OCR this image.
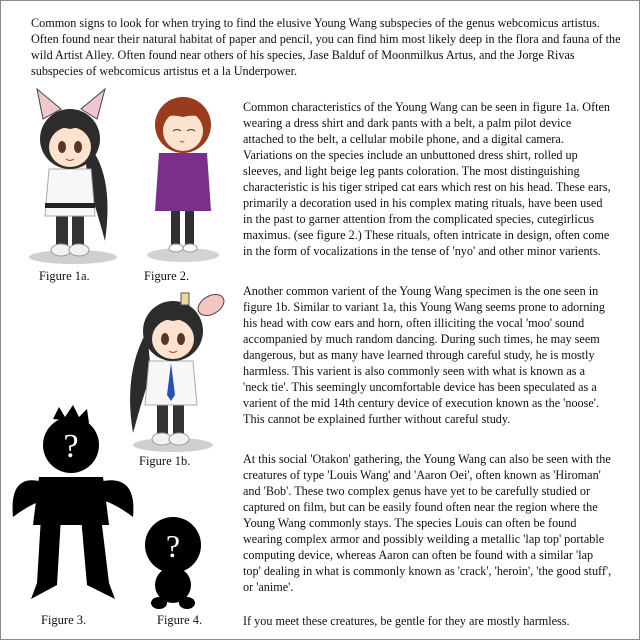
Common signs to look for when trying to find the elusive Young Wang subspecies of the genus webcomicus artistus. Often found near their natural habitat of paper and pencil, you can find him most likely deep in the flora and fauna of the wild Artist Alley. Often found near others of his species, Jase Balduf of Moonmilkus Artus, and the Jorge Rivas subspecies of webcomicus artistus et a la Underpower.

Common characteristics of the Young Wang can be seen in figure 1a. Often wearing a dress shirt and dark pants with a belt, a palm pilot device attached to the belt, a cellular mobile phone, and a digital camera. Variations on the species include an unbuttoned dress shirt, rolled up sleeves, and light beige leg pants coloration. The most distinguishing characteristic is his tiger striped cat ears which rest on his head. These ears, primarily a decoration used in his complex mating rituals, have been used in the past to garner attention from the complicated species, cutegirlicus maximus. (see figure 2.) These rituals, often intricate in design, often come in the form of vocalizations in the tense of 'nyo' and other minor varients.

Another common varient of the Young Wang specimen is the one seen in figure 1b. Similar to variant 1a, this Young Wang seems prone to adorning his head with cow ears and horn, often illiciting the vocal 'moo' sound accompanied by much random dancing. During such times, he may seem dangerous, but as many have learned through careful study, he is mostly harmless. This varient is also commonly seen with what is known as a 'neck tie'. This seemingly uncomfortable device has been speculated as a varient of the mid 14th century device of execution known as the 'noose'. This cannot be explained further without careful study.

At this social 'Otakon' gathering, the Young Wang can also be seen with the creatures of type 'Louis Wang' and 'Aaron Oei', often known as 'Hiroman' and 'Bob'. These two complex genus have yet to be carefully studied or captured on film, but can be easily found often near the region where the Young Wang commonly stays. The species Louis can often be found wearing complex armor and possibly weilding a metallic 'lap top' portable computing device, whereas Aaron can often be found with a similar 'lap top' dealing in what is commonly known as 'crack', 'heroin', 'the good stuff', or 'anime'.

If you meet these creatures, be gentle for they are mostly harmless.

Figure 1a.	Figure 2.
Figure 1b.
?
Figure 3.
?
Figure 4.
